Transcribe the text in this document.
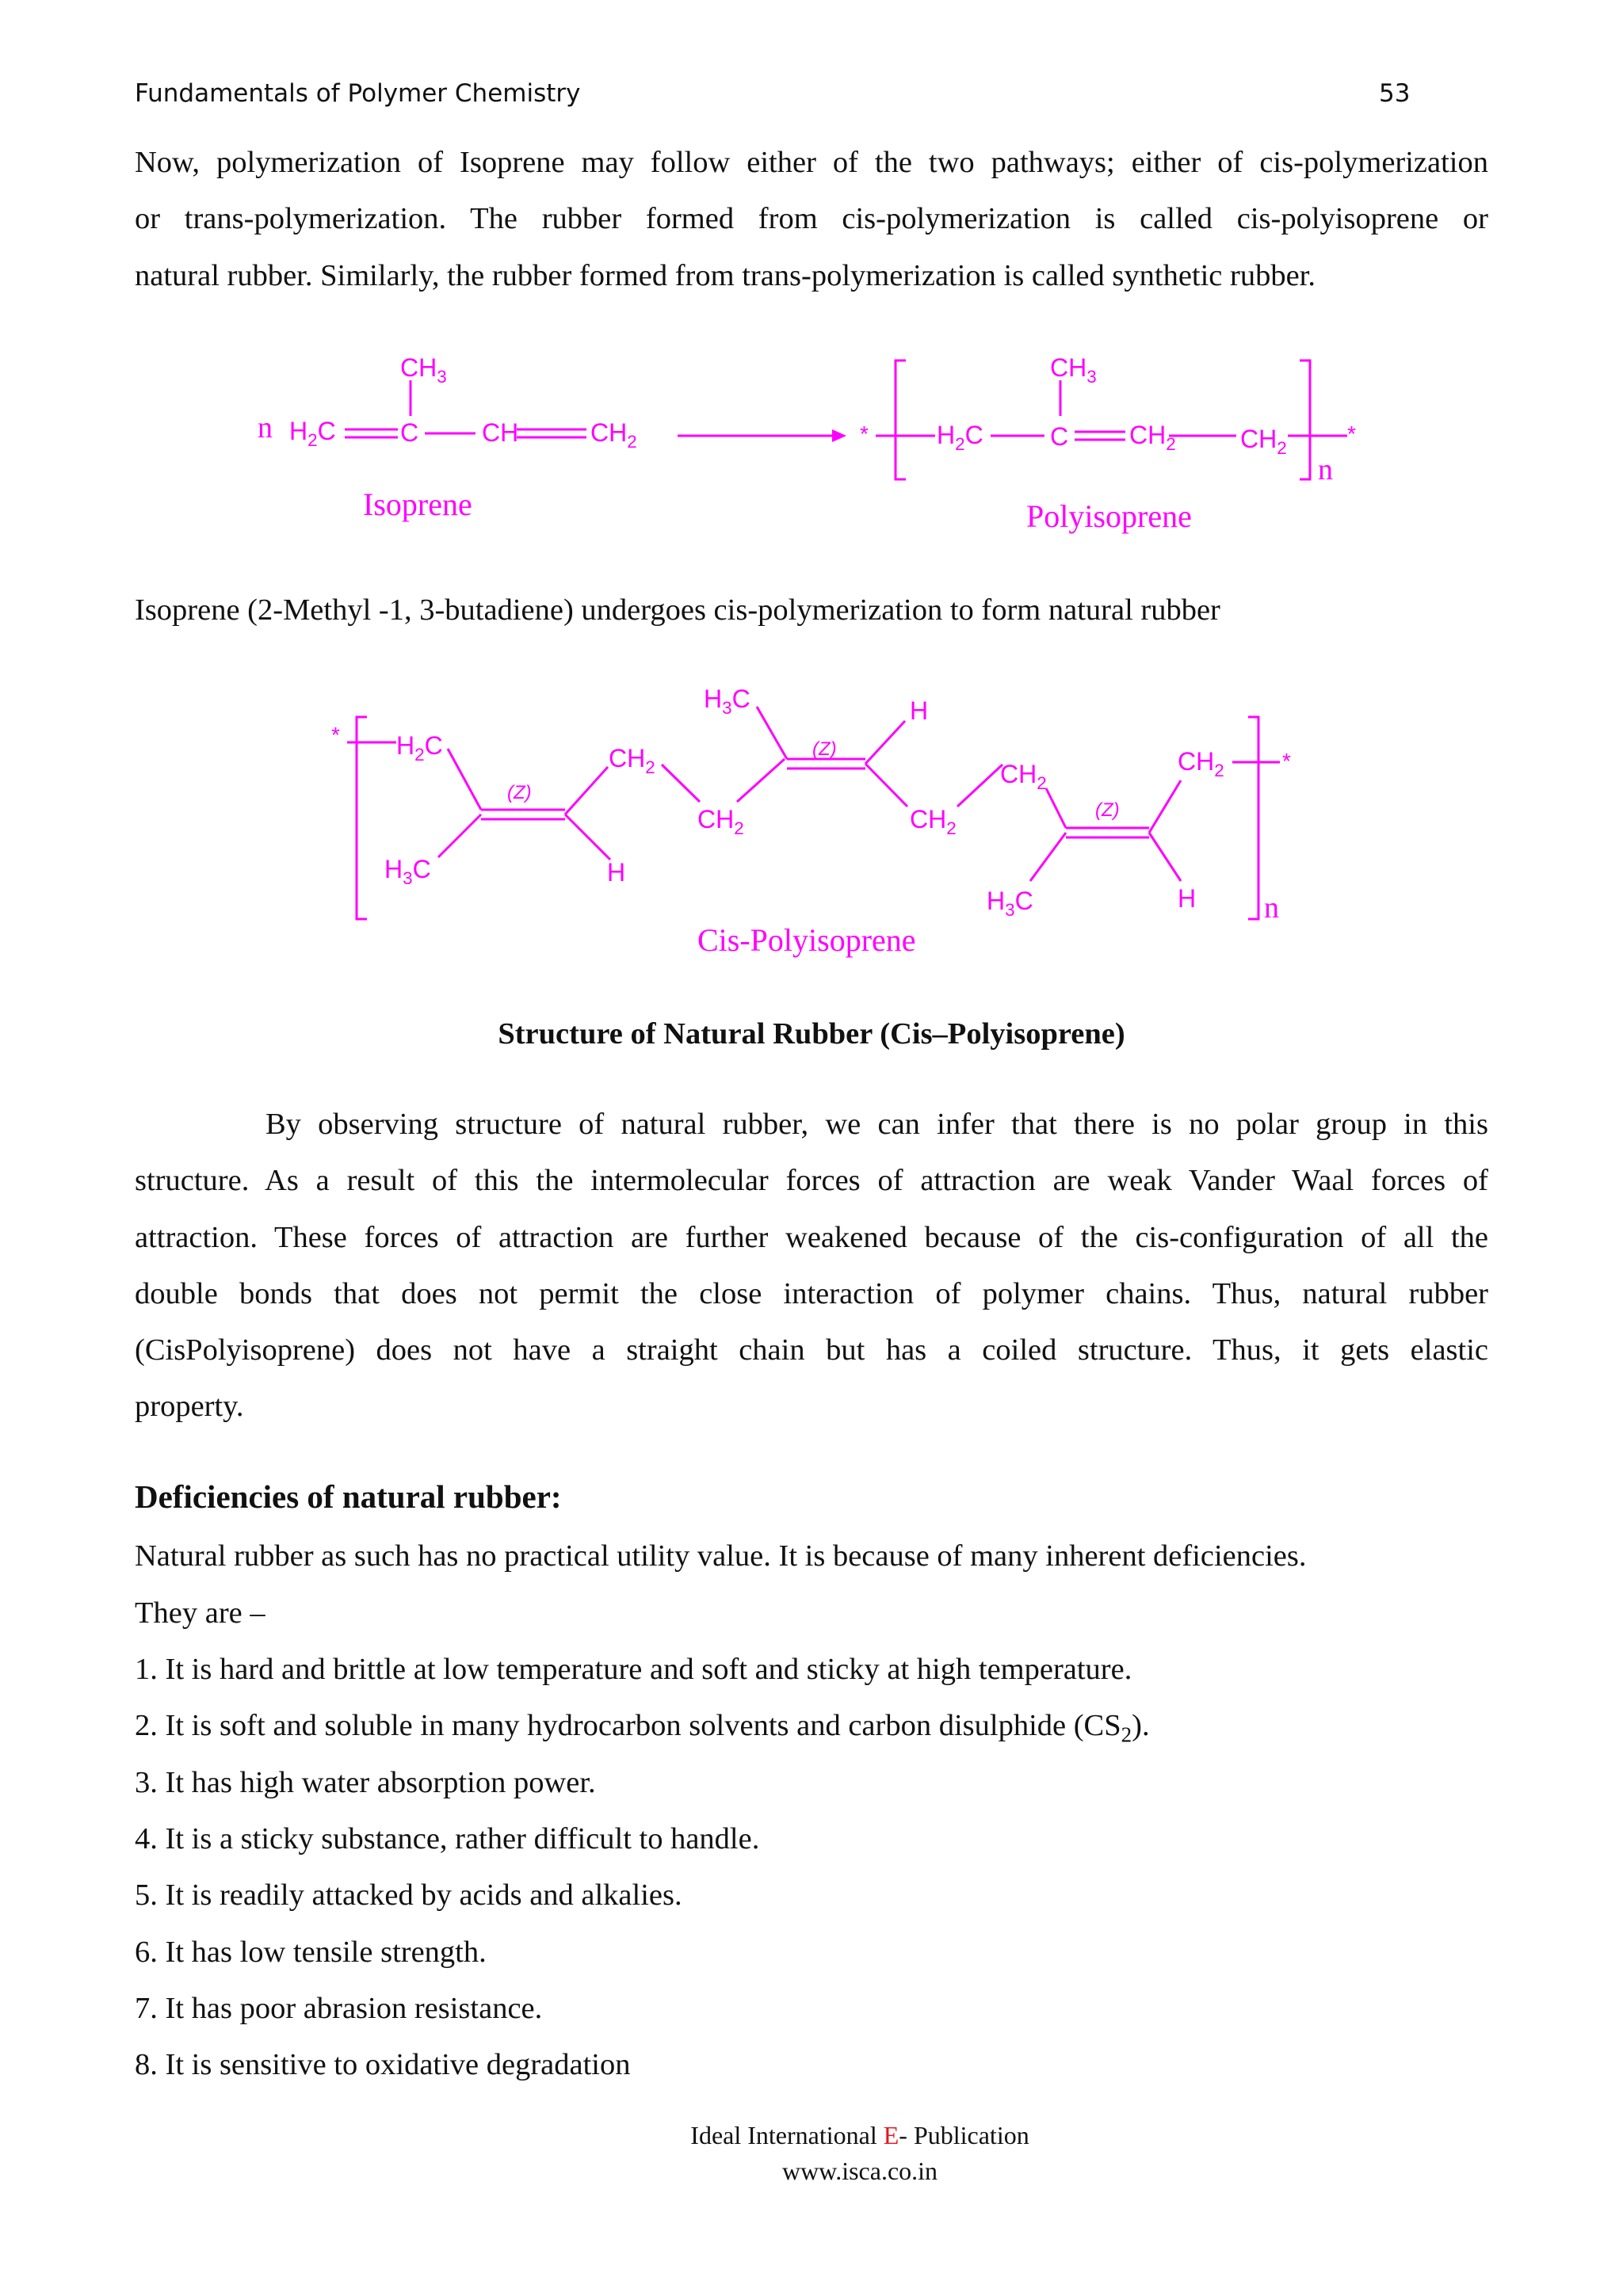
Fundamentals of Polymer Chemistry	53
Now, polymerization of Isoprene may follow either of the two pathways; either of cis-polymerization
or trans-polymerization. The rubber formed from cis-polymerization is called cis-polyisoprene or
natural rubber. Similarly, the rubber formed from trans-polymerization is called synthetic rubber.
n
$CH_3$
$H_2C$	C CH	$CH_2$
Isoprene
*	$H_2C$
$CH_3$
C $CH_2$	$CH_2$
*
n
Polyisoprene
Isoprene (2-Methyl -1, 3-butadiene) undergoes cis-polymerization to form natural rubber
* $H_2C$
(Z)
$H_3C$	H
$CH_2$
$CH_2$
$H_3C$
(Z)
H
$CH_2$
$CH_2$
(Z)
$H_3C$	H
$CH_2$	*
n
Cis-Polyisoprene
Structure of Natural Rubber (Cis–Polyisoprene)
By observing structure of natural rubber, we can infer that there is no polar group in this
structure. As a result of this the intermolecular forces of attraction are weak Vander Waal forces of
attraction. These forces of attraction are further weakened because of the cis-configuration of all the
double bonds that does not permit the close interaction of polymer chains. Thus, natural rubber
(CisPolyisoprene) does not have a straight chain but has a coiled structure. Thus, it gets elastic
property.
Deficiencies of natural rubber:
Natural rubber as such has no practical utility value. It is because of many inherent deficiencies.
They are –
1. It is hard and brittle at low temperature and soft and sticky at high temperature.
2. It is soft and soluble in many hydrocarbon solvents and carbon disulphide $(CS_2)$.
3. It has high water absorption power.
4. It is a sticky substance, rather difficult to handle.
5. It is readily attacked by acids and alkalies.
6. It has low tensile strength.
7. It has poor abrasion resistance.
8. It is sensitive to oxidative degradation
Ideal International E- Publication
www.isca.co.in
